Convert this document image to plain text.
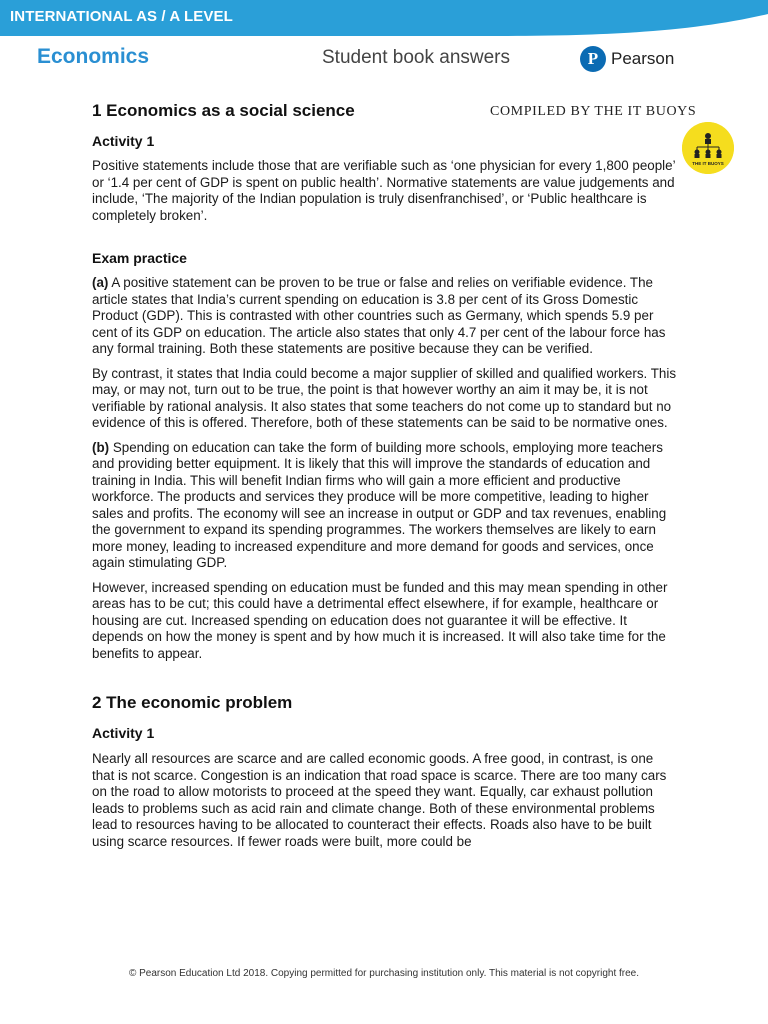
INTERNATIONAL AS / A LEVEL
Economics	Student book answers	P Pearson
COMPILED BY THE IT BUOYS
THE IT BUOYS
1 Economics as a social science
Activity 1

Positive statements include those that are verifiable such as ‘one physician for every 1,800 people’ or ‘1.4 per cent of GDP is spent on public health’. Normative statements are value judgements and include, ‘The majority of the Indian population is truly disenfranchised’, or ‘Public healthcare is completely broken’.

Exam practice

(a) A positive statement can be proven to be true or false and relies on verifiable evidence. The article states that India’s current spending on education is 3.8 per cent of its Gross Domestic Product (GDP). This is contrasted with other countries such as Germany, which spends 5.9 per cent of its GDP on education. The article also states that only 4.7 per cent of the labour force has any formal training. Both these statements are positive because they can be verified.

By contrast, it states that India could become a major supplier of skilled and qualified workers. This may, or may not, turn out to be true, the point is that however worthy an aim it may be, it is not verifiable by rational analysis. It also states that some teachers do not come up to standard but no evidence of this is offered. Therefore, both of these statements can be said to be normative ones.

(b) Spending on education can take the form of building more schools, employing more teachers and providing better equipment. It is likely that this will improve the standards of education and training in India. This will benefit Indian firms who will gain a more efficient and productive workforce. The products and services they produce will be more competitive, leading to higher sales and profits. The economy will see an increase in output or GDP and tax revenues, enabling the government to expand its spending programmes. The workers themselves are likely to earn more money, leading to increased expenditure and more demand for goods and services, once again stimulating GDP.

However, increased spending on education must be funded and this may mean spending in other areas has to be cut; this could have a detrimental effect elsewhere, if for example, healthcare or housing are cut. Increased spending on education does not guarantee it will be effective. It depends on how the money is spent and by how much it is increased. It will also take time for the benefits to appear.

2 The economic problem
Activity 1

Nearly all resources are scarce and are called economic goods. A free good, in contrast, is one that is not scarce. Congestion is an indication that road space is scarce. There are too many cars on the road to allow motorists to proceed at the speed they want. Equally, car exhaust pollution leads to problems such as acid rain and climate change. Both of these environmental problems lead to resources having to be allocated to counteract their effects. Roads also have to be built using scarce resources. If fewer roads were built, more could be

© Pearson Education Ltd 2018. Copying permitted for purchasing institution only. This material is not copyright free.
